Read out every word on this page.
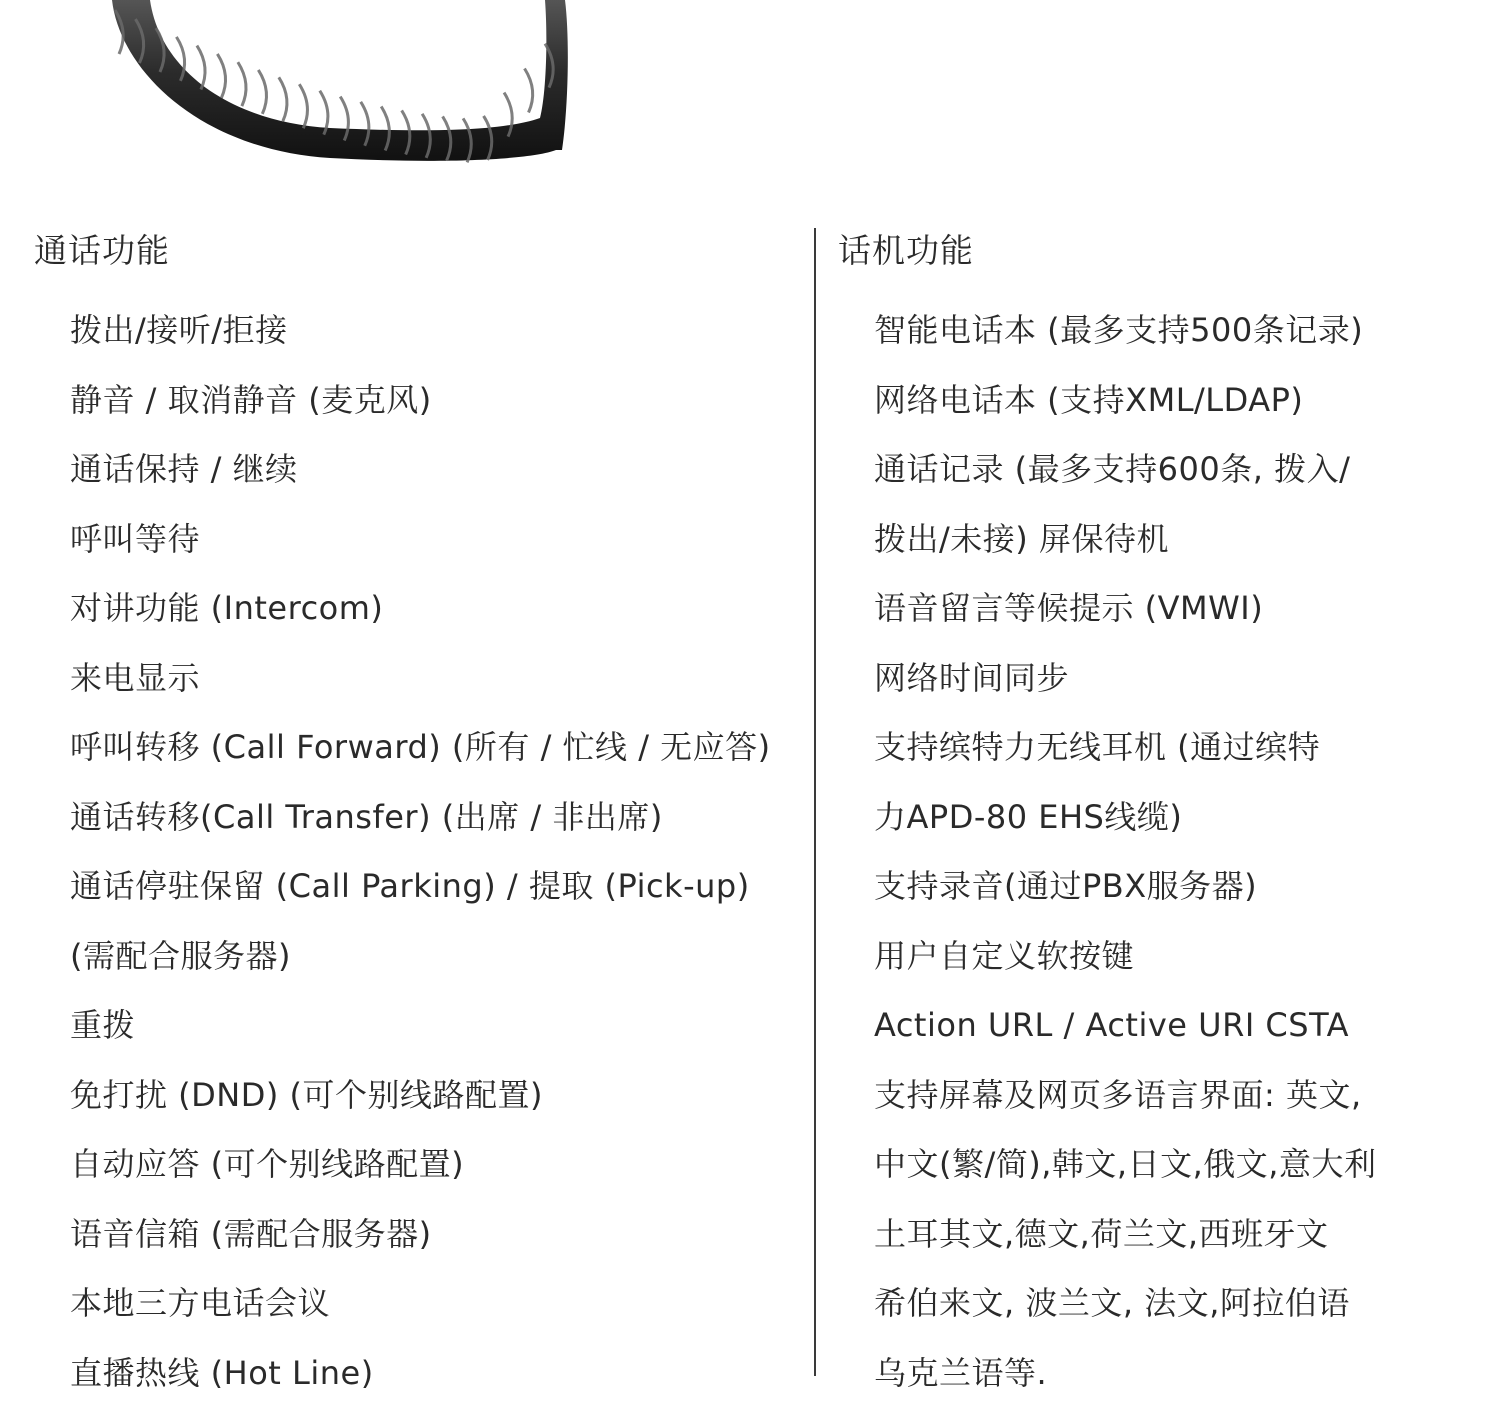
通话功能
拨出/接听/拒接
静音 / 取消静音 (麦克风)
通话保持 / 继续
呼叫等待
对讲功能 (Intercom)
来电显示
呼叫转移 (Call Forward) (所有 / 忙线 / 无应答)
通话转移(Call Transfer) (出席 / 非出席)
通话停驻保留 (Call Parking) / 提取 (Pick-up)
(需配合服务器)
重拨
免打扰 (DND) (可个别线路配置)
自动应答 (可个别线路配置)
语音信箱 (需配合服务器)
本地三方电话会议
直播热线 (Hot Line)
话机功能
智能电话本 (最多支持500条记录)
网络电话本 (支持XML/LDAP)
通话记录 (最多支持600条, 拨入/
拨出/未接) 屏保待机
语音留言等候提示 (VMWI)
网络时间同步
支持缤特力无线耳机 (通过缤特
力APD-80 EHS线缆)
支持录音(通过PBX服务器)
用户自定义软按键
Action URL / Active URI CSTA
支持屏幕及网页多语言界面: 英文,
中文(繁/简),韩文,日文,俄文,意大利
土耳其文,德文,荷兰文,西班牙文
希伯来文, 波兰文, 法文,阿拉伯语
乌克兰语等.
